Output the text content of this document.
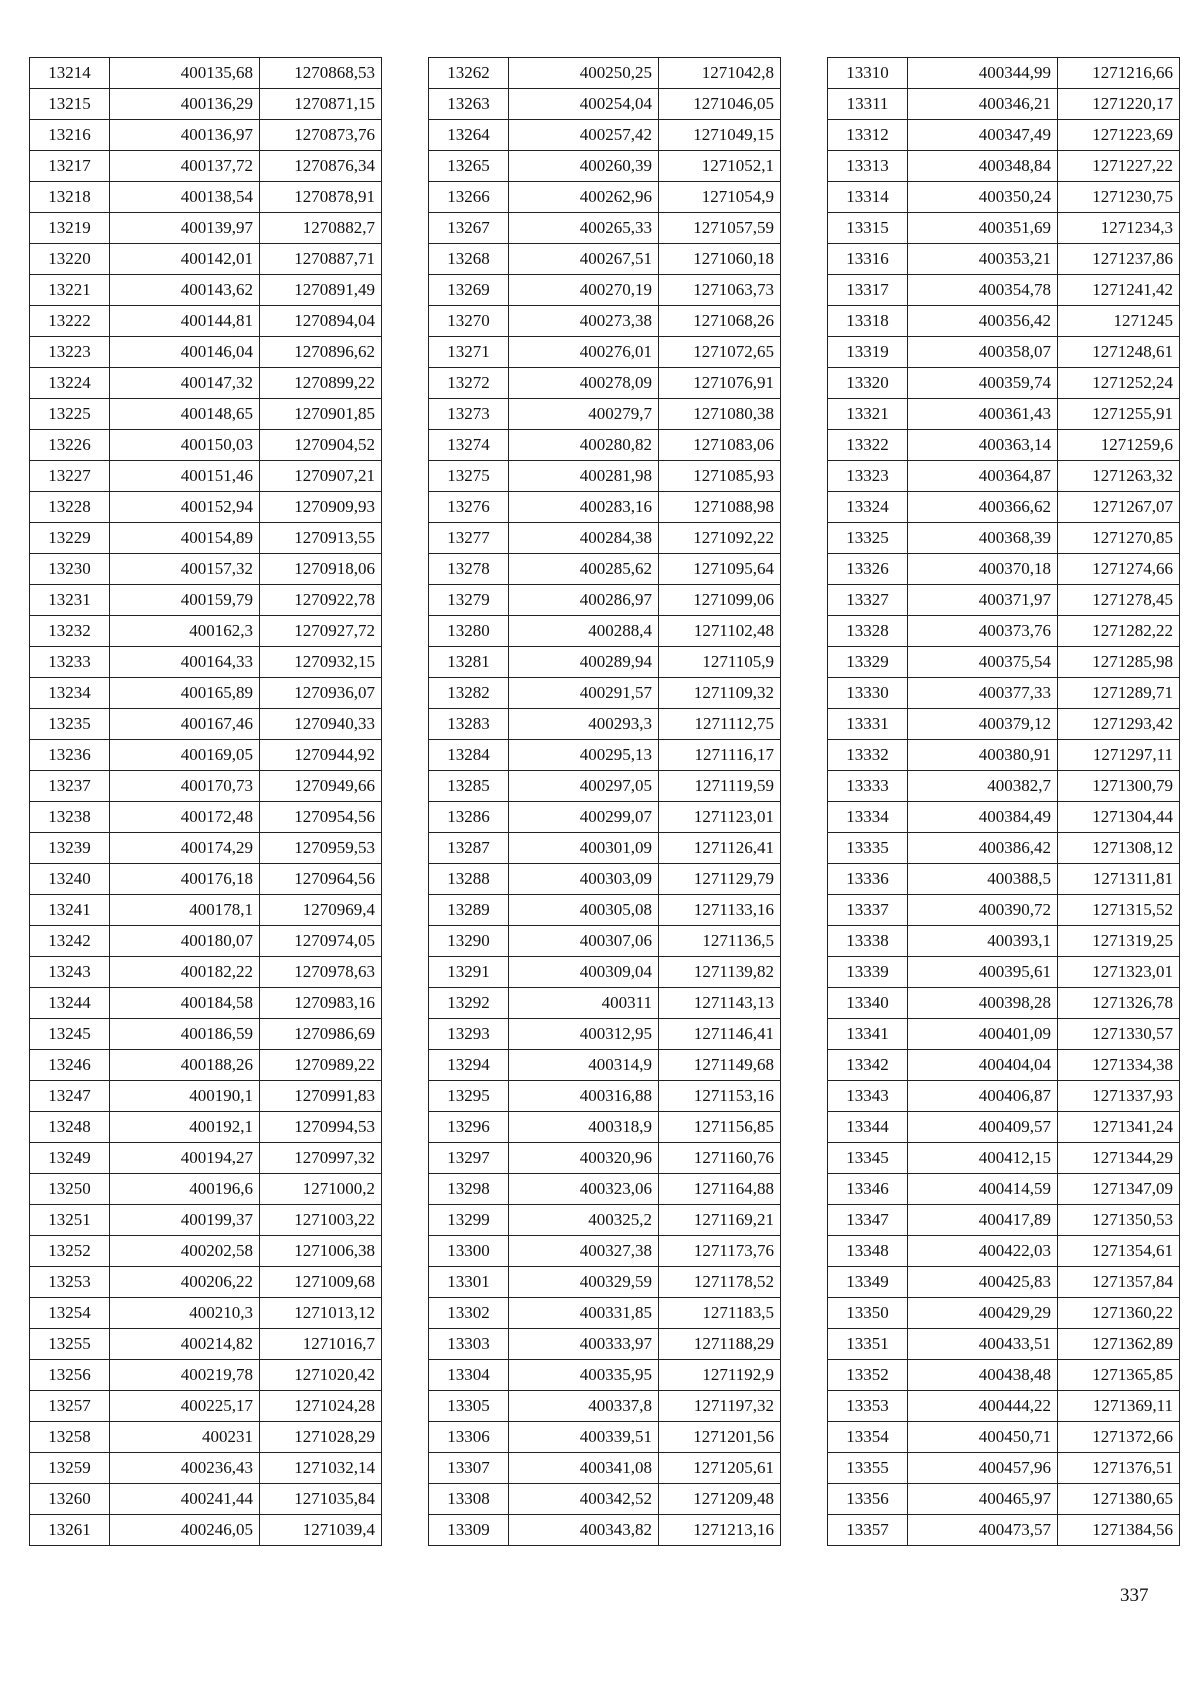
13214	400135,68	1270868,53
13215	400136,29	1270871,15
13216	400136,97	1270873,76
13217	400137,72	1270876,34
13218	400138,54	1270878,91
13219	400139,97	1270882,7
13220	400142,01	1270887,71
13221	400143,62	1270891,49
13222	400144,81	1270894,04
13223	400146,04	1270896,62
13224	400147,32	1270899,22
13225	400148,65	1270901,85
13226	400150,03	1270904,52
13227	400151,46	1270907,21
13228	400152,94	1270909,93
13229	400154,89	1270913,55
13230	400157,32	1270918,06
13231	400159,79	1270922,78
13232	400162,3	1270927,72
13233	400164,33	1270932,15
13234	400165,89	1270936,07
13235	400167,46	1270940,33
13236	400169,05	1270944,92
13237	400170,73	1270949,66
13238	400172,48	1270954,56
13239	400174,29	1270959,53
13240	400176,18	1270964,56
13241	400178,1	1270969,4
13242	400180,07	1270974,05
13243	400182,22	1270978,63
13244	400184,58	1270983,16
13245	400186,59	1270986,69
13246	400188,26	1270989,22
13247	400190,1	1270991,83
13248	400192,1	1270994,53
13249	400194,27	1270997,32
13250	400196,6	1271000,2
13251	400199,37	1271003,22
13252	400202,58	1271006,38
13253	400206,22	1271009,68
13254	400210,3	1271013,12
13255	400214,82	1271016,7
13256	400219,78	1271020,42
13257	400225,17	1271024,28
13258	400231	1271028,29
13259	400236,43	1271032,14
13260	400241,44	1271035,84
13261	400246,05	1271039,4
13262	400250,25	1271042,8
13263	400254,04	1271046,05
13264	400257,42	1271049,15
13265	400260,39	1271052,1
13266	400262,96	1271054,9
13267	400265,33	1271057,59
13268	400267,51	1271060,18
13269	400270,19	1271063,73
13270	400273,38	1271068,26
13271	400276,01	1271072,65
13272	400278,09	1271076,91
13273	400279,7	1271080,38
13274	400280,82	1271083,06
13275	400281,98	1271085,93
13276	400283,16	1271088,98
13277	400284,38	1271092,22
13278	400285,62	1271095,64
13279	400286,97	1271099,06
13280	400288,4	1271102,48
13281	400289,94	1271105,9
13282	400291,57	1271109,32
13283	400293,3	1271112,75
13284	400295,13	1271116,17
13285	400297,05	1271119,59
13286	400299,07	1271123,01
13287	400301,09	1271126,41
13288	400303,09	1271129,79
13289	400305,08	1271133,16
13290	400307,06	1271136,5
13291	400309,04	1271139,82
13292	400311	1271143,13
13293	400312,95	1271146,41
13294	400314,9	1271149,68
13295	400316,88	1271153,16
13296	400318,9	1271156,85
13297	400320,96	1271160,76
13298	400323,06	1271164,88
13299	400325,2	1271169,21
13300	400327,38	1271173,76
13301	400329,59	1271178,52
13302	400331,85	1271183,5
13303	400333,97	1271188,29
13304	400335,95	1271192,9
13305	400337,8	1271197,32
13306	400339,51	1271201,56
13307	400341,08	1271205,61
13308	400342,52	1271209,48
13309	400343,82	1271213,16
13310	400344,99	1271216,66
13311	400346,21	1271220,17
13312	400347,49	1271223,69
13313	400348,84	1271227,22
13314	400350,24	1271230,75
13315	400351,69	1271234,3
13316	400353,21	1271237,86
13317	400354,78	1271241,42
13318	400356,42	1271245
13319	400358,07	1271248,61
13320	400359,74	1271252,24
13321	400361,43	1271255,91
13322	400363,14	1271259,6
13323	400364,87	1271263,32
13324	400366,62	1271267,07
13325	400368,39	1271270,85
13326	400370,18	1271274,66
13327	400371,97	1271278,45
13328	400373,76	1271282,22
13329	400375,54	1271285,98
13330	400377,33	1271289,71
13331	400379,12	1271293,42
13332	400380,91	1271297,11
13333	400382,7	1271300,79
13334	400384,49	1271304,44
13335	400386,42	1271308,12
13336	400388,5	1271311,81
13337	400390,72	1271315,52
13338	400393,1	1271319,25
13339	400395,61	1271323,01
13340	400398,28	1271326,78
13341	400401,09	1271330,57
13342	400404,04	1271334,38
13343	400406,87	1271337,93
13344	400409,57	1271341,24
13345	400412,15	1271344,29
13346	400414,59	1271347,09
13347	400417,89	1271350,53
13348	400422,03	1271354,61
13349	400425,83	1271357,84
13350	400429,29	1271360,22
13351	400433,51	1271362,89
13352	400438,48	1271365,85
13353	400444,22	1271369,11
13354	400450,71	1271372,66
13355	400457,96	1271376,51
13356	400465,97	1271380,65
13357	400473,57	1271384,56
337
